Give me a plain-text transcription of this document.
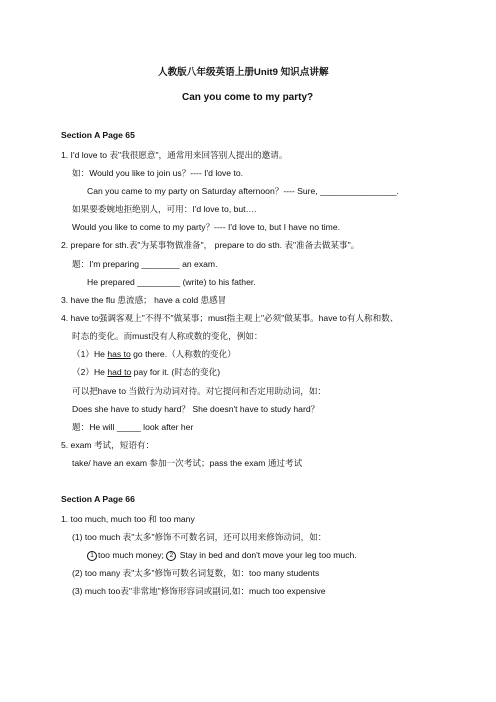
人教版八年级英语上册Unit9 知识点讲解
Can you come to my party?
Section A Page 65
1. I'd love to 表"我很愿意"，通常用来回答别人提出的邀请。
如：Would you like to join us？---- I'd love to.
Can you came to my party on Saturday afternoon？---- Sure, ________________.
如果要委婉地拒绝别人，可用：I'd love to, but….
Would you like to come to my party？---- I'd love to, but I have no time.
2. prepare for sth.表"为某事物做准备"， prepare to do sth. 表"准备去做某事"。
题：I'm preparing ________ an exam.
He prepared _________ (write) to his father.
3. have the flu 患流感； have a cold 患感冒
4. have to强调客观上"不得不"做某事；must指主观上"必须"做某事。have to有人称和数、
时态的变化。而must没有人称或数的变化，例如：
（1）He has to go there.（人称数的变化）
（2）He had to pay for it. (时态的变化)
可以把have to 当做行为动词对待。对它提问和否定用助动词，如：
Does she have to study hard？ She doesn't have to study hard？
题：He will _____ look after her
5. exam 考试，短语有：
take/ have an exam 参加一次考试；pass the exam 通过考试
Section A Page 66
1. too much, much too 和 too many
(1) too much 表"太多"修饰不可数名词，还可以用来修饰动词，如：
1 too much money; 2 Stay in bed and don't move your leg too much.
(2) too many 表"太多"修饰可数名词复数，如：too many students
(3) much too表"非常地"修饰形容词或副词,如：much too expensive
